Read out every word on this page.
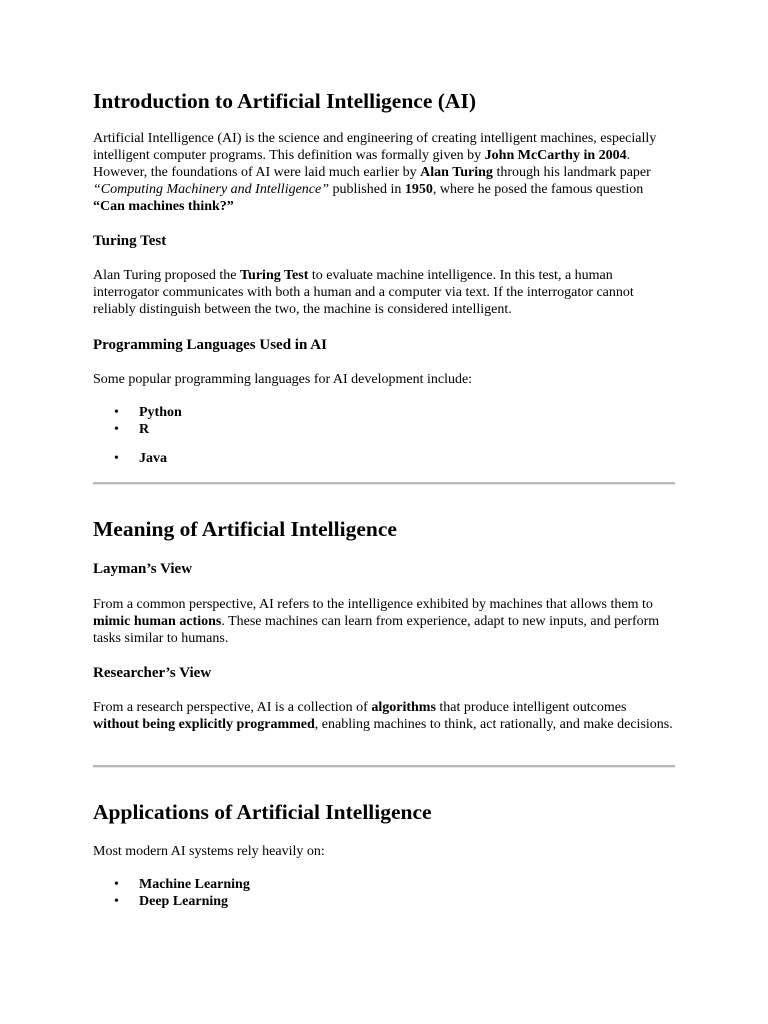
Introduction to Artificial Intelligence (AI)

Artificial Intelligence (AI) is the science and engineering of creating intelligent machines, especially intelligent computer programs. This definition was formally given by John McCarthy in 2004. However, the foundations of AI were laid much earlier by Alan Turing through his landmark paper “Computing Machinery and Intelligence” published in 1950, where he posed the famous question “Can machines think?”

Turing Test

Alan Turing proposed the Turing Test to evaluate machine intelligence. In this test, a human interrogator communicates with both a human and a computer via text. If the interrogator cannot reliably distinguish between the two, the machine is considered intelligent.

Programming Languages Used in AI

Some popular programming languages for AI development include:

• Python
• R
• Java
Meaning of Artificial Intelligence
Layman’s View

From a common perspective, AI refers to the intelligence exhibited by machines that allows them to mimic human actions. These machines can learn from experience, adapt to new inputs, and perform tasks similar to humans.

Researcher’s View

From a research perspective, AI is a collection of algorithms that produce intelligent outcomes without being explicitly programmed, enabling machines to think, act rationally, and make decisions.

Applications of Artificial Intelligence

Most modern AI systems rely heavily on:

• Machine Learning
• Deep Learning
